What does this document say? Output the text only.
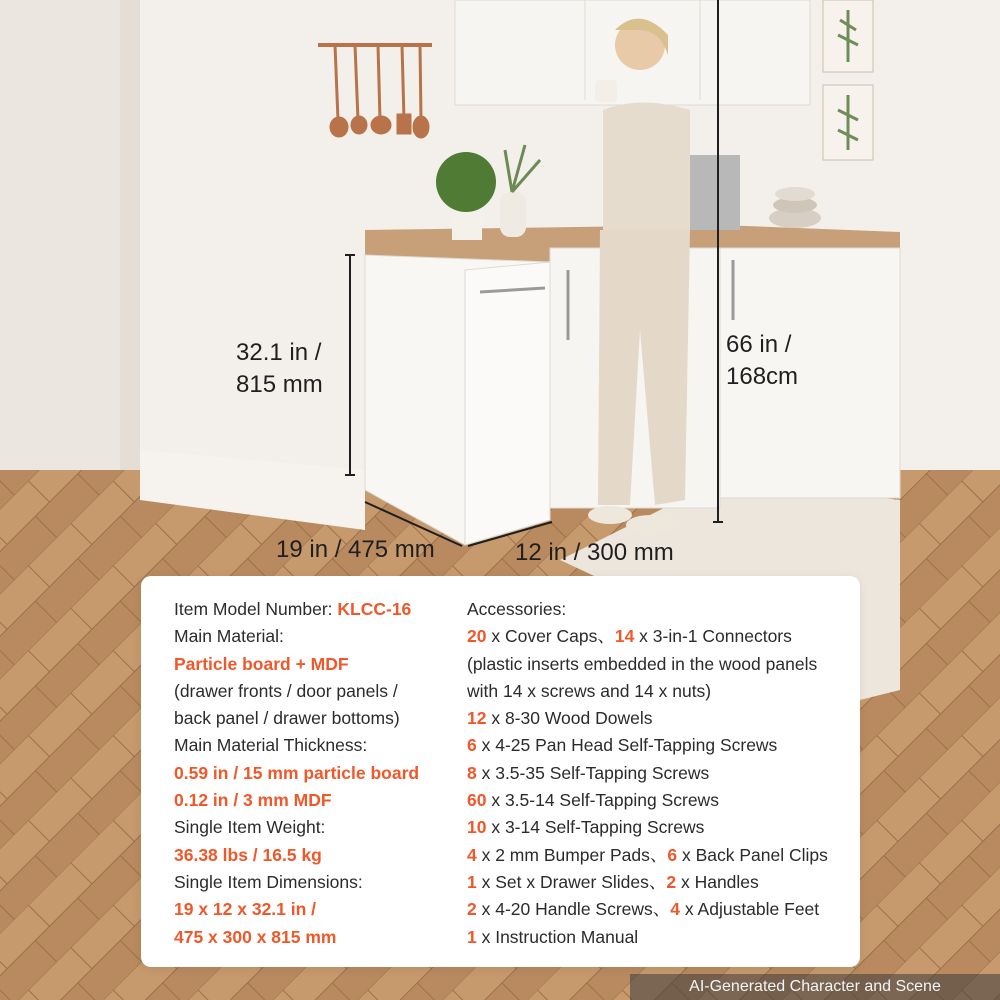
32.1 in /
815 mm
66 in /
168cm
19 in / 475 mm	12 in / 300 mm
Item Model Number: KLCC-16
Main Material:
Particle board + MDF
(drawer fronts / door panels /
back panel / drawer bottoms)
Main Material Thickness:
0.59 in / 15 mm particle board
0.12 in / 3 mm MDF
Single Item Weight:
36.38 lbs / 16.5 kg
Single Item Dimensions:
19 x 12 x 32.1 in /
475 x 300 x 815 mm
Accessories:
20 x Cover Caps、14 x 3-in-1 Connectors
(plastic inserts embedded in the wood panels
with 14 x screws and 14 x nuts)
12 x 8-30 Wood Dowels
6 x 4-25 Pan Head Self-Tapping Screws
8 x 3.5-35 Self-Tapping Screws
60 x 3.5-14 Self-Tapping Screws
10 x 3-14 Self-Tapping Screws
4 x 2 mm Bumper Pads、6 x Back Panel Clips
1 x Set x Drawer Slides、2 x Handles
2 x 4-20 Handle Screws、4 x Adjustable Feet
1 x Instruction Manual
AI-Generated Character and Scene
